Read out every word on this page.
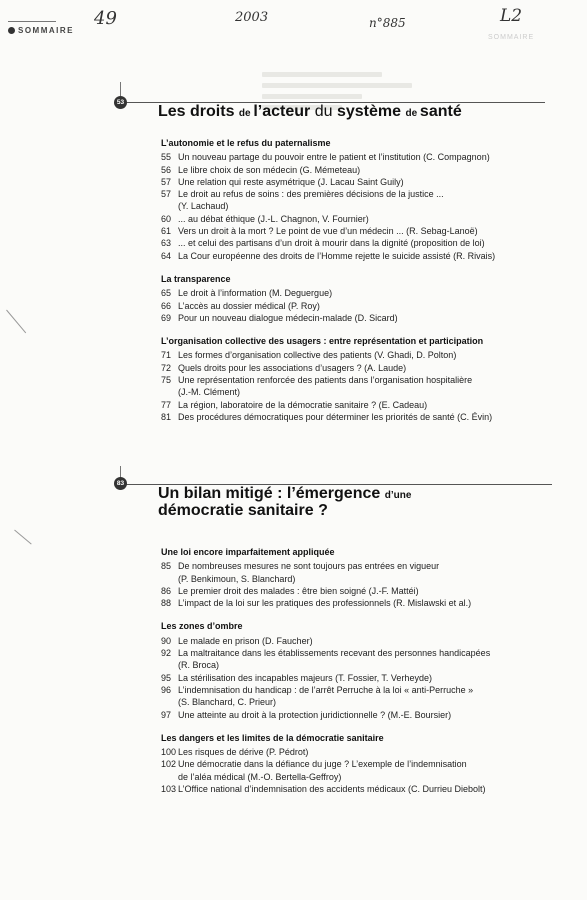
SOMMAIRE
49	2003	n°885	L2
SOMMAIRE
53
Les droits de l’acteur du système de santé
L’autonomie et le refus du paternalisme
55 Un nouveau partage du pouvoir entre le patient et l’institution (C. Compagnon)
56 Le libre choix de son médecin (G. Mémeteau)
57 Une relation qui reste asymétrique (J. Lacau Saint Guily)
57 Le droit au refus de soins : des premières décisions de la justice ...
(Y. Lachaud)
60 ... au débat éthique (J.-L. Chagnon, V. Fournier)
61 Vers un droit à la mort ? Le point de vue d’un médecin ... (R. Sebag-Lanoë)
63 ... et celui des partisans d’un droit à mourir dans la dignité (proposition de loi)
64 La Cour européenne des droits de l’Homme rejette le suicide assisté (R. Rivais)
La transparence
65 Le droit à l’information (M. Deguergue)
66 L’accès au dossier médical (P. Roy)
69 Pour un nouveau dialogue médecin-malade (D. Sicard)
L’organisation collective des usagers : entre représentation et participation
71 Les formes d’organisation collective des patients (V. Ghadi, D. Polton)
72 Quels droits pour les associations d’usagers ? (A. Laude)
75 Une représentation renforcée des patients dans l’organisation hospitalière
(J.-M. Clément)
77 La région, laboratoire de la démocratie sanitaire ? (E. Cadeau)
81 Des procédures démocratiques pour déterminer les priorités de santé (C. Évin)
83
Un bilan mitigé : l’émergence d’une
démocratie sanitaire ?
Une loi encore imparfaitement appliquée
85 De nombreuses mesures ne sont toujours pas entrées en vigueur
(P. Benkimoun, S. Blanchard)
86 Le premier droit des malades : être bien soigné (J.-F. Mattéi)
88 L’impact de la loi sur les pratiques des professionnels (R. Mislawski et al.)
Les zones d’ombre
90 Le malade en prison (D. Faucher)
92 La maltraitance dans les établissements recevant des personnes handicapées
(R. Broca)
95 La stérilisation des incapables majeurs (T. Fossier, T. Verheyde)
96 L’indemnisation du handicap : de l’arrêt Perruche à la loi « anti-Perruche »
(S. Blanchard, C. Prieur)
97 Une atteinte au droit à la protection juridictionnelle ? (M.-E. Boursier)
Les dangers et les limites de la démocratie sanitaire
100 Les risques de dérive (P. Pédrot)
102 Une démocratie dans la défiance du juge ? L’exemple de l’indemnisation
de l’aléa médical (M.-O. Bertella-Geffroy)
103 L’Office national d’indemnisation des accidents médicaux (C. Durrieu Diebolt)
